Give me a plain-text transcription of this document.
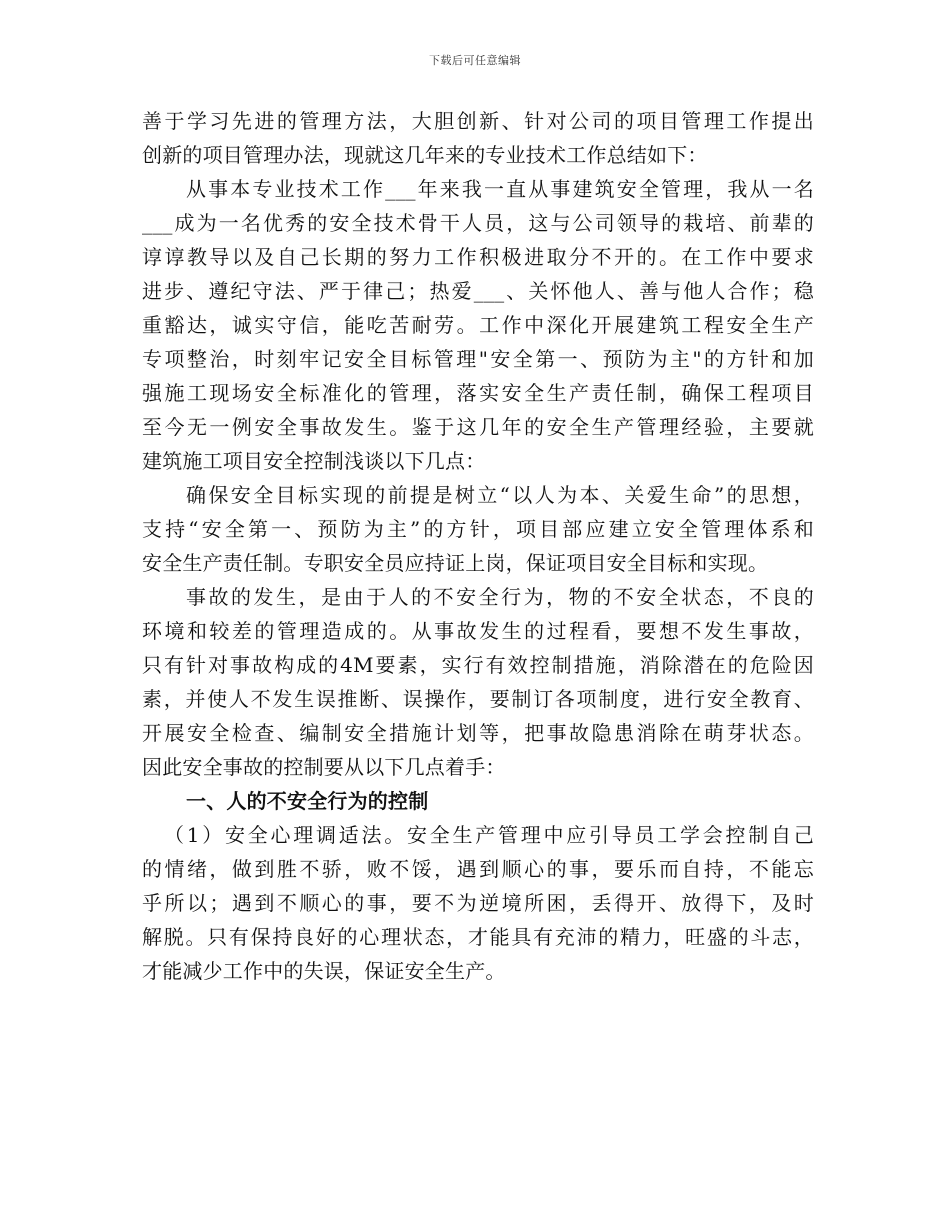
下载后可任意编辑
善于学习先进的管理方法，大胆创新、针对公司的项目管理工作提出
创新的项目管理办法，现就这几年来的专业技术工作总结如下：
从事本专业技术工作___年来我一直从事建筑安全管理，我从一名
___成为一名优秀的安全技术骨干人员，这与公司领导的栽培、前辈的
谆谆教导以及自己长期的努力工作积极进取分不开的。在工作中要求
进步、遵纪守法、严于律己；热爱___、关怀他人、善与他人合作；稳
重豁达，诚实守信，能吃苦耐劳。工作中深化开展建筑工程安全生产
专项整治，时刻牢记安全目标管理"安全第一、预防为主"的方针和加
强施工现场安全标准化的管理，落实安全生产责任制，确保工程项目
至今无一例安全事故发生。鉴于这几年的安全生产管理经验，主要就
建筑施工项目安全控制浅谈以下几点：
确保安全目标实现的前提是树立“以人为本、关爱生命”的思想，
支持“安全第一、预防为主”的方针，项目部应建立安全管理体系和
安全生产责任制。专职安全员应持证上岗，保证项目安全目标和实现。
事故的发生，是由于人的不安全行为，物的不安全状态，不良的
环境和较差的管理造成的。从事故发生的过程看，要想不发生事故，
只有针对事故构成的4M要素，实行有效控制措施，消除潜在的危险因
素，并使人不发生误推断、误操作，要制订各项制度，进行安全教育、
开展安全检查、编制安全措施计划等，把事故隐患消除在萌芽状态。
因此安全事故的控制要从以下几点着手：
一、人的不安全行为的控制
（1）安全心理调适法。安全生产管理中应引导员工学会控制自己
的情绪，做到胜不骄，败不馁，遇到顺心的事，要乐而自持，不能忘
乎所以；遇到不顺心的事，要不为逆境所困，丢得开、放得下，及时
解脱。只有保持良好的心理状态，才能具有充沛的精力，旺盛的斗志，
才能减少工作中的失误，保证安全生产。
